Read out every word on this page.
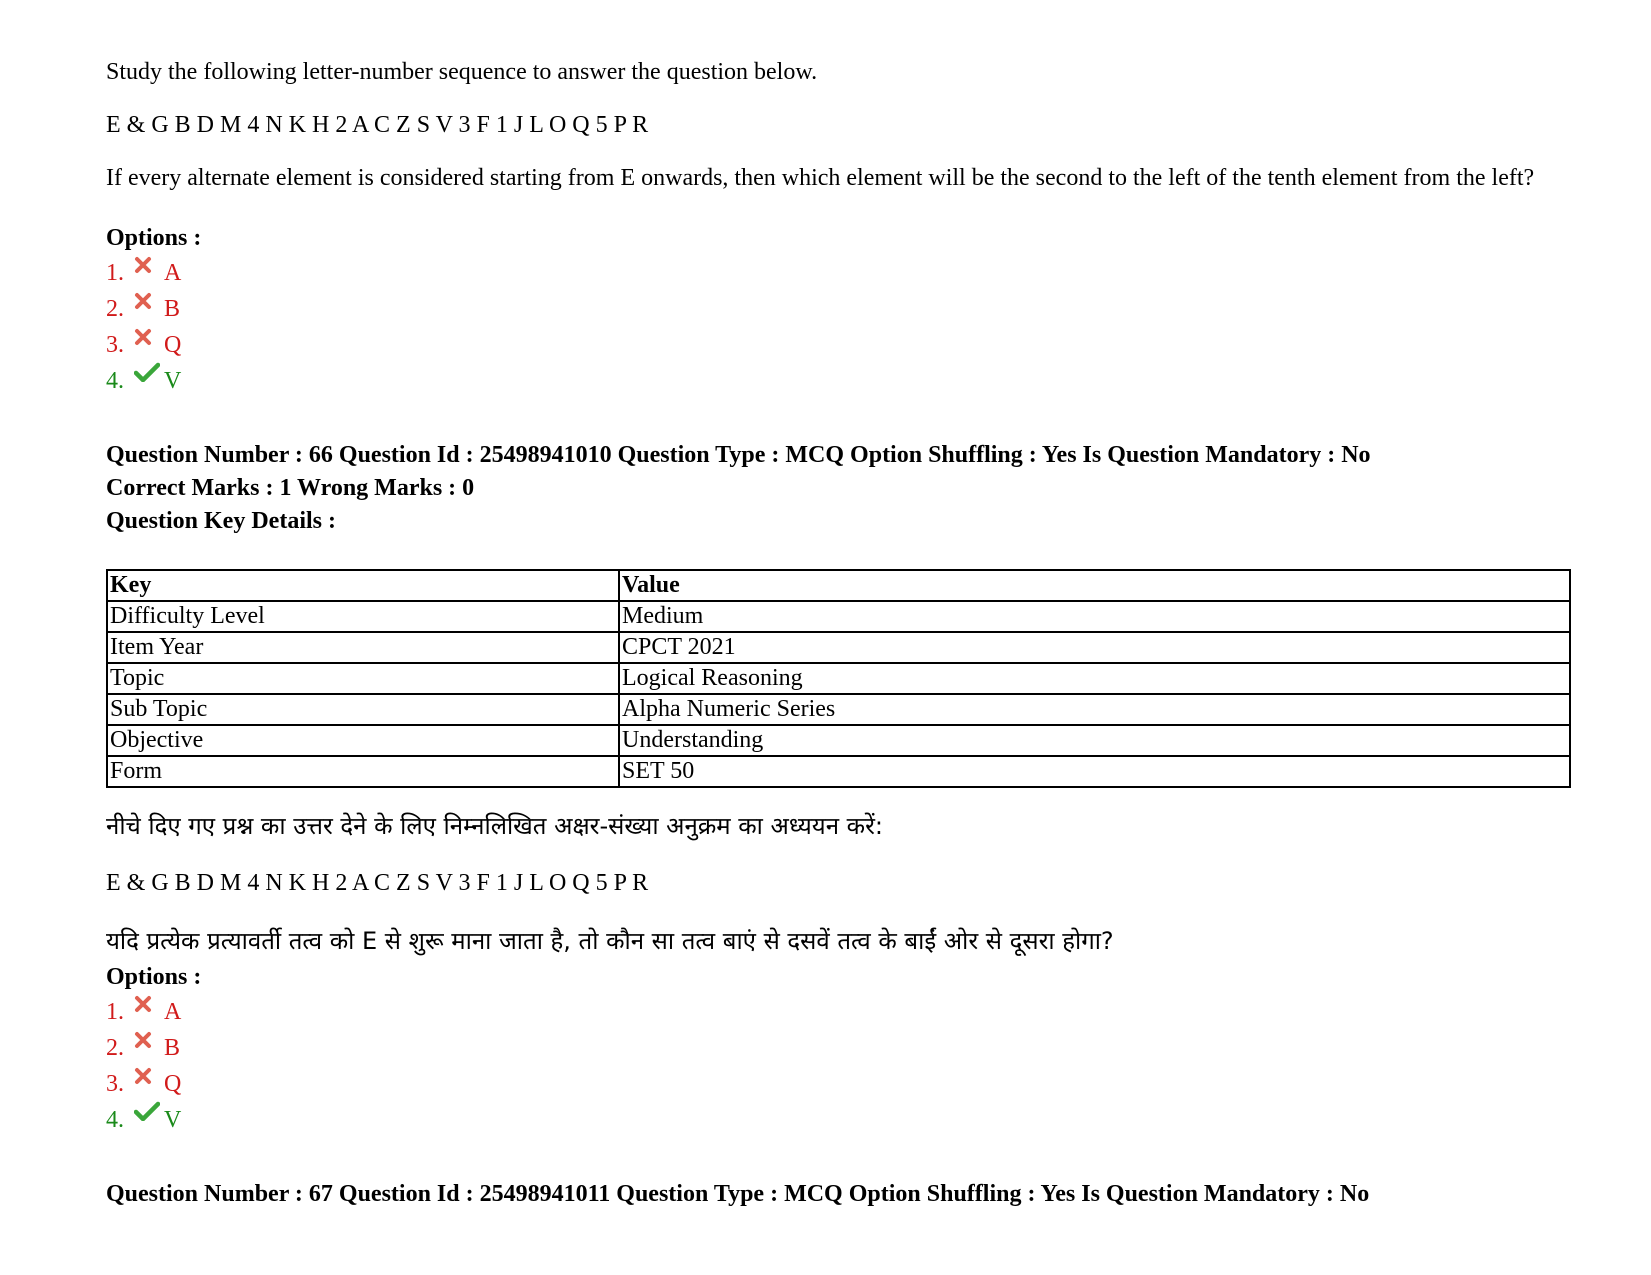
Study the following letter-number sequence to answer the question below.
E & G B D M 4 N K H 2 A C Z S V 3 F 1 J L O Q 5 P R
If every alternate element is considered starting from E onwards, then which element will be the second to the left of the tenth element from the left?
Options :
1. A
2. B
3. Q
4. V
Question Number : 66 Question Id : 25498941010 Question Type : MCQ Option Shuffling : Yes Is Question Mandatory : No
Correct Marks : 1 Wrong Marks : 0
Question Key Details :
Key	Value
Difficulty Level	Medium
Item Year	CPCT 2021
Topic	Logical Reasoning
Sub Topic	Alpha Numeric Series
Objective	Understanding
Form	SET 50
नीचे दिए गए प्रश्न का उत्तर देने के लिए निम्नलिखित अक्षर-संख्या अनुक्रम का अध्ययन करें:
E & G B D M 4 N K H 2 A C Z S V 3 F 1 J L O Q 5 P R
यदि प्रत्येक प्रत्यावर्ती तत्व को E से शुरू माना जाता है, तो कौन सा तत्व बाएं से दसवें तत्व के बाईं ओर से दूसरा होगा?
Options :
1. A
2. B
3. Q
4. V
Question Number : 67 Question Id : 25498941011 Question Type : MCQ Option Shuffling : Yes Is Question Mandatory : No
